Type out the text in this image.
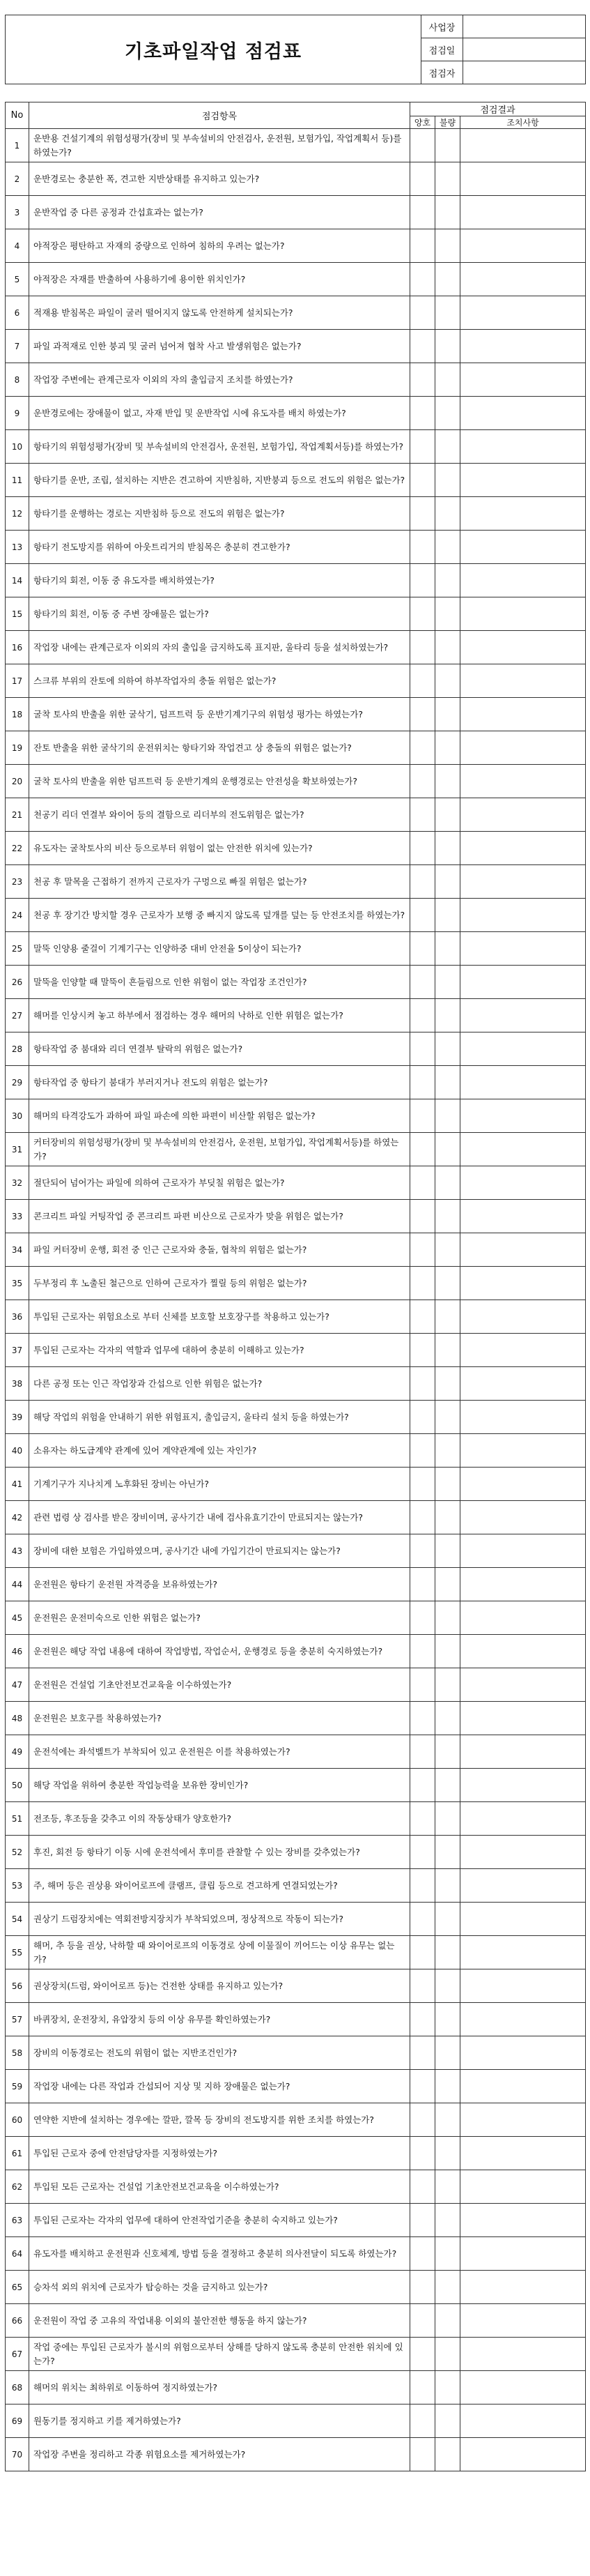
기초파일작업 점검표	사업장	
	점검일	
	점검자	
No	점검항목	점검결과		
		양호	불량	조치사항
1	운반용 건설기계의 위험성평가(장비 및 부속설비의 안전검사, 운전원, 보험가입, 작업계획서 등)를 하였는가?			
2	운반경로는 충분한 폭, 견고한 지반상태를 유지하고 있는가?			
3	운반작업 중 다른 공정과 간섭효과는 없는가?			
4	야적장은 평탄하고 자재의 중량으로 인하여 침하의 우려는 없는가?			
5	야적장은 자재를 반출하여 사용하기에 용이한 위치인가?			
6	적재용 받침목은 파일이 굴러 떨어지지 않도록 안전하게 설치되는가?			
7	파일 과적재로 인한 붕괴 및 굴러 넘어져 협착 사고 발생위험은 없는가?			
8	작업장 주변에는 관계근로자 이외의 자의 출입금지 조치를 하였는가?			
9	운반경로에는 장애물이 없고, 자재 반입 및 운반작업 시에 유도자를 배치 하였는가?			
10	항타기의 위험성평가(장비 및 부속설비의 안전검사, 운전원, 보험가입, 작업계획서등)를 하였는가?			
11	항타기를 운반, 조립, 설치하는 지반은 견고하여 지반침하, 지반붕괴 등으로 전도의 위험은 없는가?			
12	항타기를 운행하는 경로는 지반침하 등으로 전도의 위험은 없는가?			
13	항타기 전도방지를 위하여 아웃트리거의 받침목은 충분히 견고한가?			
14	항타기의 회전, 이동 중 유도자를 배치하였는가?			
15	항타기의 회전, 이동 중 주변 장애물은 없는가?			
16	작업장 내에는 관계근로자 이외의 자의 출입을 금지하도록 표지판, 울타리 등을 설치하였는가?			
17	스크류 부위의 잔토에 의하여 하부작업자의 충돌 위험은 없는가?			
18	굴착 토사의 반출을 위한 굴삭기, 덤프트럭 등 운반기계기구의 위험성 평가는 하였는가?			
19	잔토 반출을 위한 굴삭기의 운전위치는 항타기와 작업견고 상 충돌의 위험은 없는가?			
20	굴착 토사의 반출을 위한 덤프트럭 등 운반기계의 운행경로는 안전성을 확보하였는가?			
21	천공기 리더 연결부 와이어 등의 결함으로 리더부의 전도위험은 없는가?			
22	유도자는 굴착토사의 비산 등으로부터 위험이 없는 안전한 위치에 있는가?			
23	천공 후 말목을 근접하기 전까지 근로자가 구멍으로 빠질 위험은 없는가?			
24	천공 후 장기간 방치할 경우 근로자가 보행 중 빠지지 않도록 덮개를 덮는 등 안전조치를 하였는가?			
25	말뚝 인양용 줄걸이 기계기구는 인양하중 대비 안전율 5이상이 되는가?			
26	말뚝을 인양할 때 말뚝이 흔들림으로 인한 위험이 없는 작업장 조건인가?			
27	해머를 인상시켜 놓고 하부에서 점검하는 경우 해머의 낙하로 인한 위험은 없는가?			
28	항타작업 중 붐대와 리더 연결부 탈락의 위험은 없는가?			
29	항타작업 중 항타기 붐대가 부러지거나 전도의 위험은 없는가?			
30	해머의 타격강도가 과하여 파일 파손에 의한 파편이 비산할 위험은 없는가?			
31	커터장비의 위험성평가(장비 및 부속설비의 안전검사, 운전원, 보험가입, 작업계획서등)를 하였는가?			
32	절단되어 넘어가는 파일에 의하여 근로자가 부딪칠 위험은 없는가?			
33	콘크리트 파일 커팅작업 중 콘크리트 파편 비산으로 근로자가 맞을 위험은 없는가?			
34	파일 커터장비 운행, 회전 중 인근 근로자와 충돌, 협착의 위험은 없는가?			
35	두부정리 후 노출된 철근으로 인하여 근로자가 찔릴 등의 위험은 없는가?			
36	투입된 근로자는 위험요소로 부터 신체를 보호할 보호장구를 착용하고 있는가?			
37	투입된 근로자는 각자의 역할과 업무에 대하여 충분히 이해하고 있는가?			
38	다른 공정 또는 인근 작업장과 간섭으로 인한 위험은 없는가?			
39	해당 작업의 위험을 안내하기 위한 위험표지, 출입금지, 울타리 설치 등을 하였는가?			
40	소유자는 하도급계약 관계에 있어 계약관계에 있는 자인가?			
41	기계기구가 지나치게 노후화된 장비는 아닌가?			
42	관련 법령 상 검사를 받은 장비이며, 공사기간 내에 검사유효기간이 만료되지는 않는가?			
43	장비에 대한 보험은 가입하였으며, 공사기간 내에 가입기간이 만료되지는 않는가?			
44	운전원은 항타기 운전원 자격증을 보유하였는가?			
45	운전원은 운전미숙으로 인한 위험은 없는가?			
46	운전원은 해당 작업 내용에 대하여 작업방법, 작업순서, 운행경로 등을 충분히 숙지하였는가?			
47	운전원은 건설업 기초안전보건교육을 이수하였는가?			
48	운전원은 보호구를 착용하였는가?			
49	운전석에는 좌석벨트가 부착되어 있고 운전원은 이를 착용하였는가?			
50	해당 작업을 위하여 충분한 작업능력을 보유한 장비인가?			
51	전조등, 후조등을 갖추고 이의 작동상태가 양호한가?			
52	후진, 회전 등 항타기 이동 시에 운전석에서 후미를 관찰할 수 있는 장비를 갖추었는가?			
53	주, 해머 등은 권상용 와이어로프에 클램프, 클립 등으로 견고하게 연결되었는가?			
54	권상기 드럼장치에는 역회전방지장치가 부착되었으며, 정상적으로 작동이 되는가?			
55	해머, 추 등을 권상, 낙하할 때 와이어로프의 이동경로 상에 이물질이 끼어드는 이상 유무는 없는가?			
56	권상장치(드럼, 와이어로프 등)는 건전한 상태를 유지하고 있는가?			
57	바퀴장치, 운전장치, 유압장치 등의 이상 유무를 확인하였는가?			
58	장비의 이동경로는 전도의 위험이 없는 지반조건인가?			
59	작업장 내에는 다른 작업과 간섭되어 지상 및 지하 장애물은 없는가?			
60	연약한 지반에 설치하는 경우에는 깔판, 깔목 등 장비의 전도방지를 위한 조치를 하였는가?			
61	투입된 근로자 중에 안전담당자를 지정하였는가?			
62	투입된 모든 근로자는 건설업 기초안전보건교육을 이수하였는가?			
63	투입된 근로자는 각자의 업무에 대하여 안전작업기준을 충분히 숙지하고 있는가?			
64	유도자를 배치하고 운전원과 신호체계, 방법 등을 결정하고 충분히 의사전달이 되도록 하였는가?			
65	승차석 외의 위치에 근로자가 탑승하는 것을 금지하고 있는가?			
66	운전원이 작업 중 고유의 작업내용 이외의 불안전한 행동을 하지 않는가?			
67	작업 중에는 투입된 근로자가 불시의 위험으로부터 상해를 당하지 않도록 충분히 안전한 위치에 있는가?			
68	해머의 위치는 최하위로 이동하여 정지하였는가?			
69	원동기를 정지하고 키를 제거하였는가?			
70	작업장 주변을 정리하고 각종 위험요소를 제거하였는가?			
